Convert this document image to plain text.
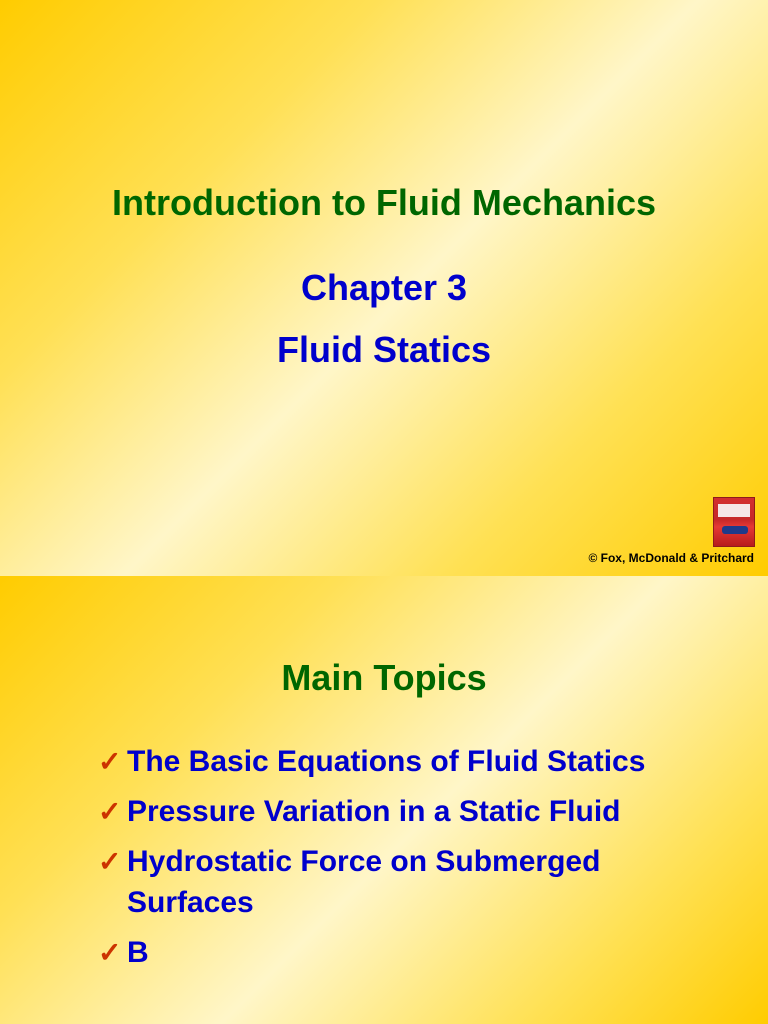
Introduction to Fluid Mechanics
Chapter 3
Fluid Statics
© Fox, McDonald & Pritchard
Main Topics
✓ The Basic Equations of Fluid Statics
✓ Pressure Variation in a Static Fluid
✓ Hydrostatic Force on Submerged Surfaces
✓ B
